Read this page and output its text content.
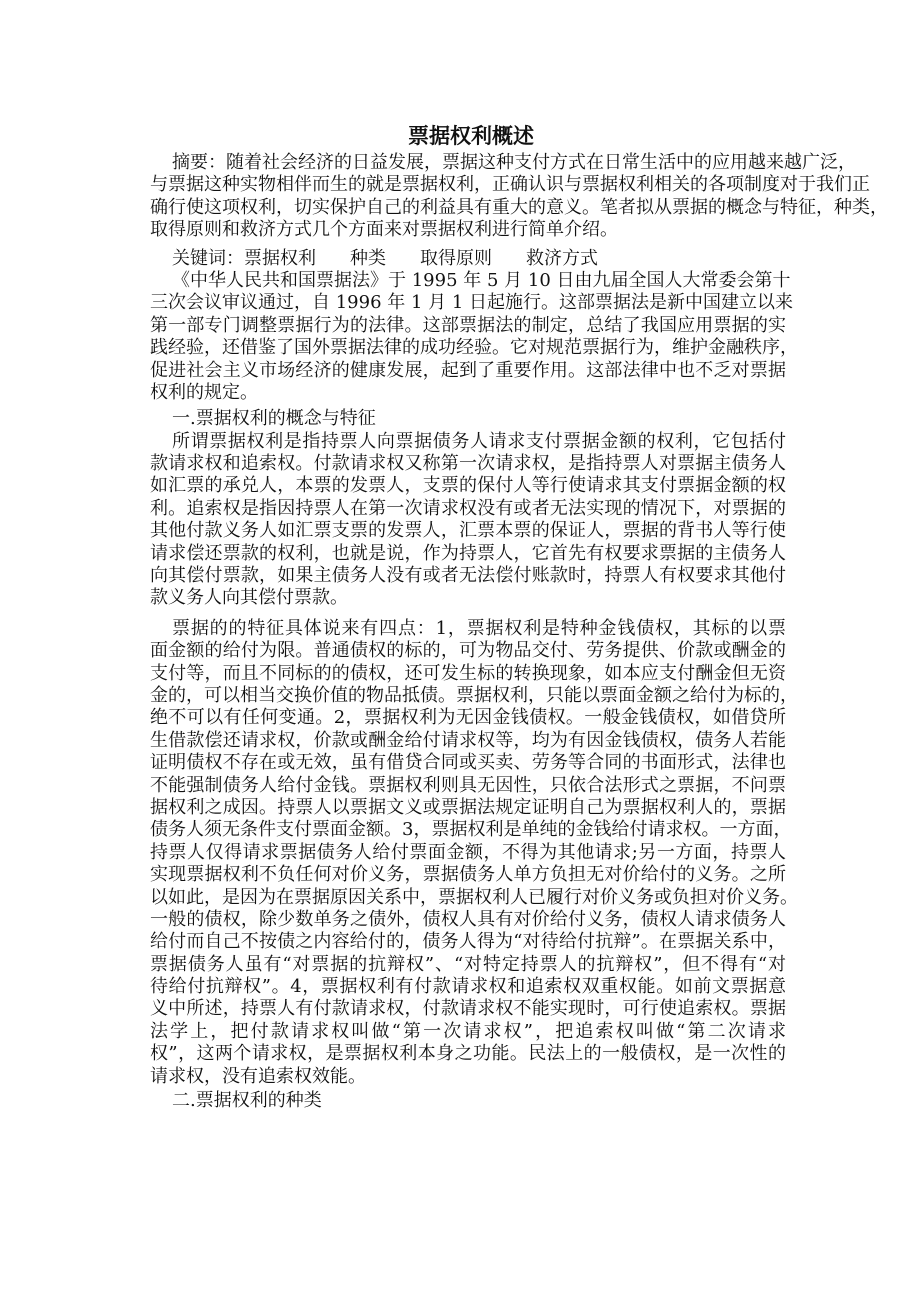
票据权利概述
摘要：随着社会经济的日益发展，票据这种支付方式在日常生活中的应用越来越广泛，
与票据这种实物相伴而生的就是票据权利，正确认识与票据权利相关的各项制度对于我们正
确行使这项权利，切实保护自己的利益具有重大的意义。笔者拟从票据的概念与特征，种类，
取得原则和救济方式几个方面来对票据权利进行简单介绍。
关键词：票据权利 种类 取得原则 救济方式
《中华人民共和国票据法》于 1995 年 5 月 10 日由九届全国人大常委会第十
三次会议审议通过，自 1996 年 1 月 1 日起施行。这部票据法是新中国建立以来
第一部专门调整票据行为的法律。这部票据法的制定，总结了我国应用票据的实
践经验，还借鉴了国外票据法律的成功经验。它对规范票据行为，维护金融秩序，
促进社会主义市场经济的健康发展，起到了重要作用。这部法律中也不乏对票据
权利的规定。
一.票据权利的概念与特征
所谓票据权利是指持票人向票据债务人请求支付票据金额的权利，它包括付
款请求权和追索权。付款请求权又称第一次请求权，是指持票人对票据主债务人
如汇票的承兑人，本票的发票人，支票的保付人等行使请求其支付票据金额的权
利。追索权是指因持票人在第一次请求权没有或者无法实现的情况下，对票据的
其他付款义务人如汇票支票的发票人，汇票本票的保证人，票据的背书人等行使
请求偿还票款的权利，也就是说，作为持票人，它首先有权要求票据的主债务人
向其偿付票款，如果主债务人没有或者无法偿付账款时，持票人有权要求其他付
款义务人向其偿付票款。
票据的的特征具体说来有四点：1，票据权利是特种金钱债权，其标的以票
面金额的给付为限。普通债权的标的，可为物品交付、劳务提供、价款或酬金的
支付等，而且不同标的的债权，还可发生标的转换现象，如本应支付酬金但无资
金的，可以相当交换价值的物品抵债。票据权利，只能以票面金额之给付为标的，
绝不可以有任何变通。2，票据权利为无因金钱债权。一般金钱债权，如借贷所
生借款偿还请求权，价款或酬金给付请求权等，均为有因金钱债权，债务人若能
证明债权不存在或无效，虽有借贷合同或买卖、劳务等合同的书面形式，法律也
不能强制债务人给付金钱。票据权利则具无因性，只依合法形式之票据，不问票
据权利之成因。持票人以票据文义或票据法规定证明自己为票据权利人的，票据
债务人须无条件支付票面金额。3，票据权利是单纯的金钱给付请求权。一方面，
持票人仅得请求票据债务人给付票面金额，不得为其他请求;另一方面，持票人
实现票据权利不负任何对价义务，票据债务人单方负担无对价给付的义务。之所
以如此，是因为在票据原因关系中，票据权利人已履行对价义务或负担对价义务。
一般的债权，除少数单务之债外，债权人具有对价给付义务，债权人请求债务人
给付而自己不按债之内容给付的，债务人得为“对待给付抗辩”。在票据关系中，
票据债务人虽有“对票据的抗辩权”、“对特定持票人的抗辩权”，但不得有“对
待给付抗辩权”。4，票据权利有付款请求权和追索权双重权能。如前文票据意
义中所述，持票人有付款请求权，付款请求权不能实现时，可行使追索权。票据
法学上，把付款请求权叫做“第一次请求权”，把追索权叫做“第二次请求
权”，这两个请求权，是票据权利本身之功能。民法上的一般债权，是一次性的
请求权，没有追索权效能。
二.票据权利的种类
